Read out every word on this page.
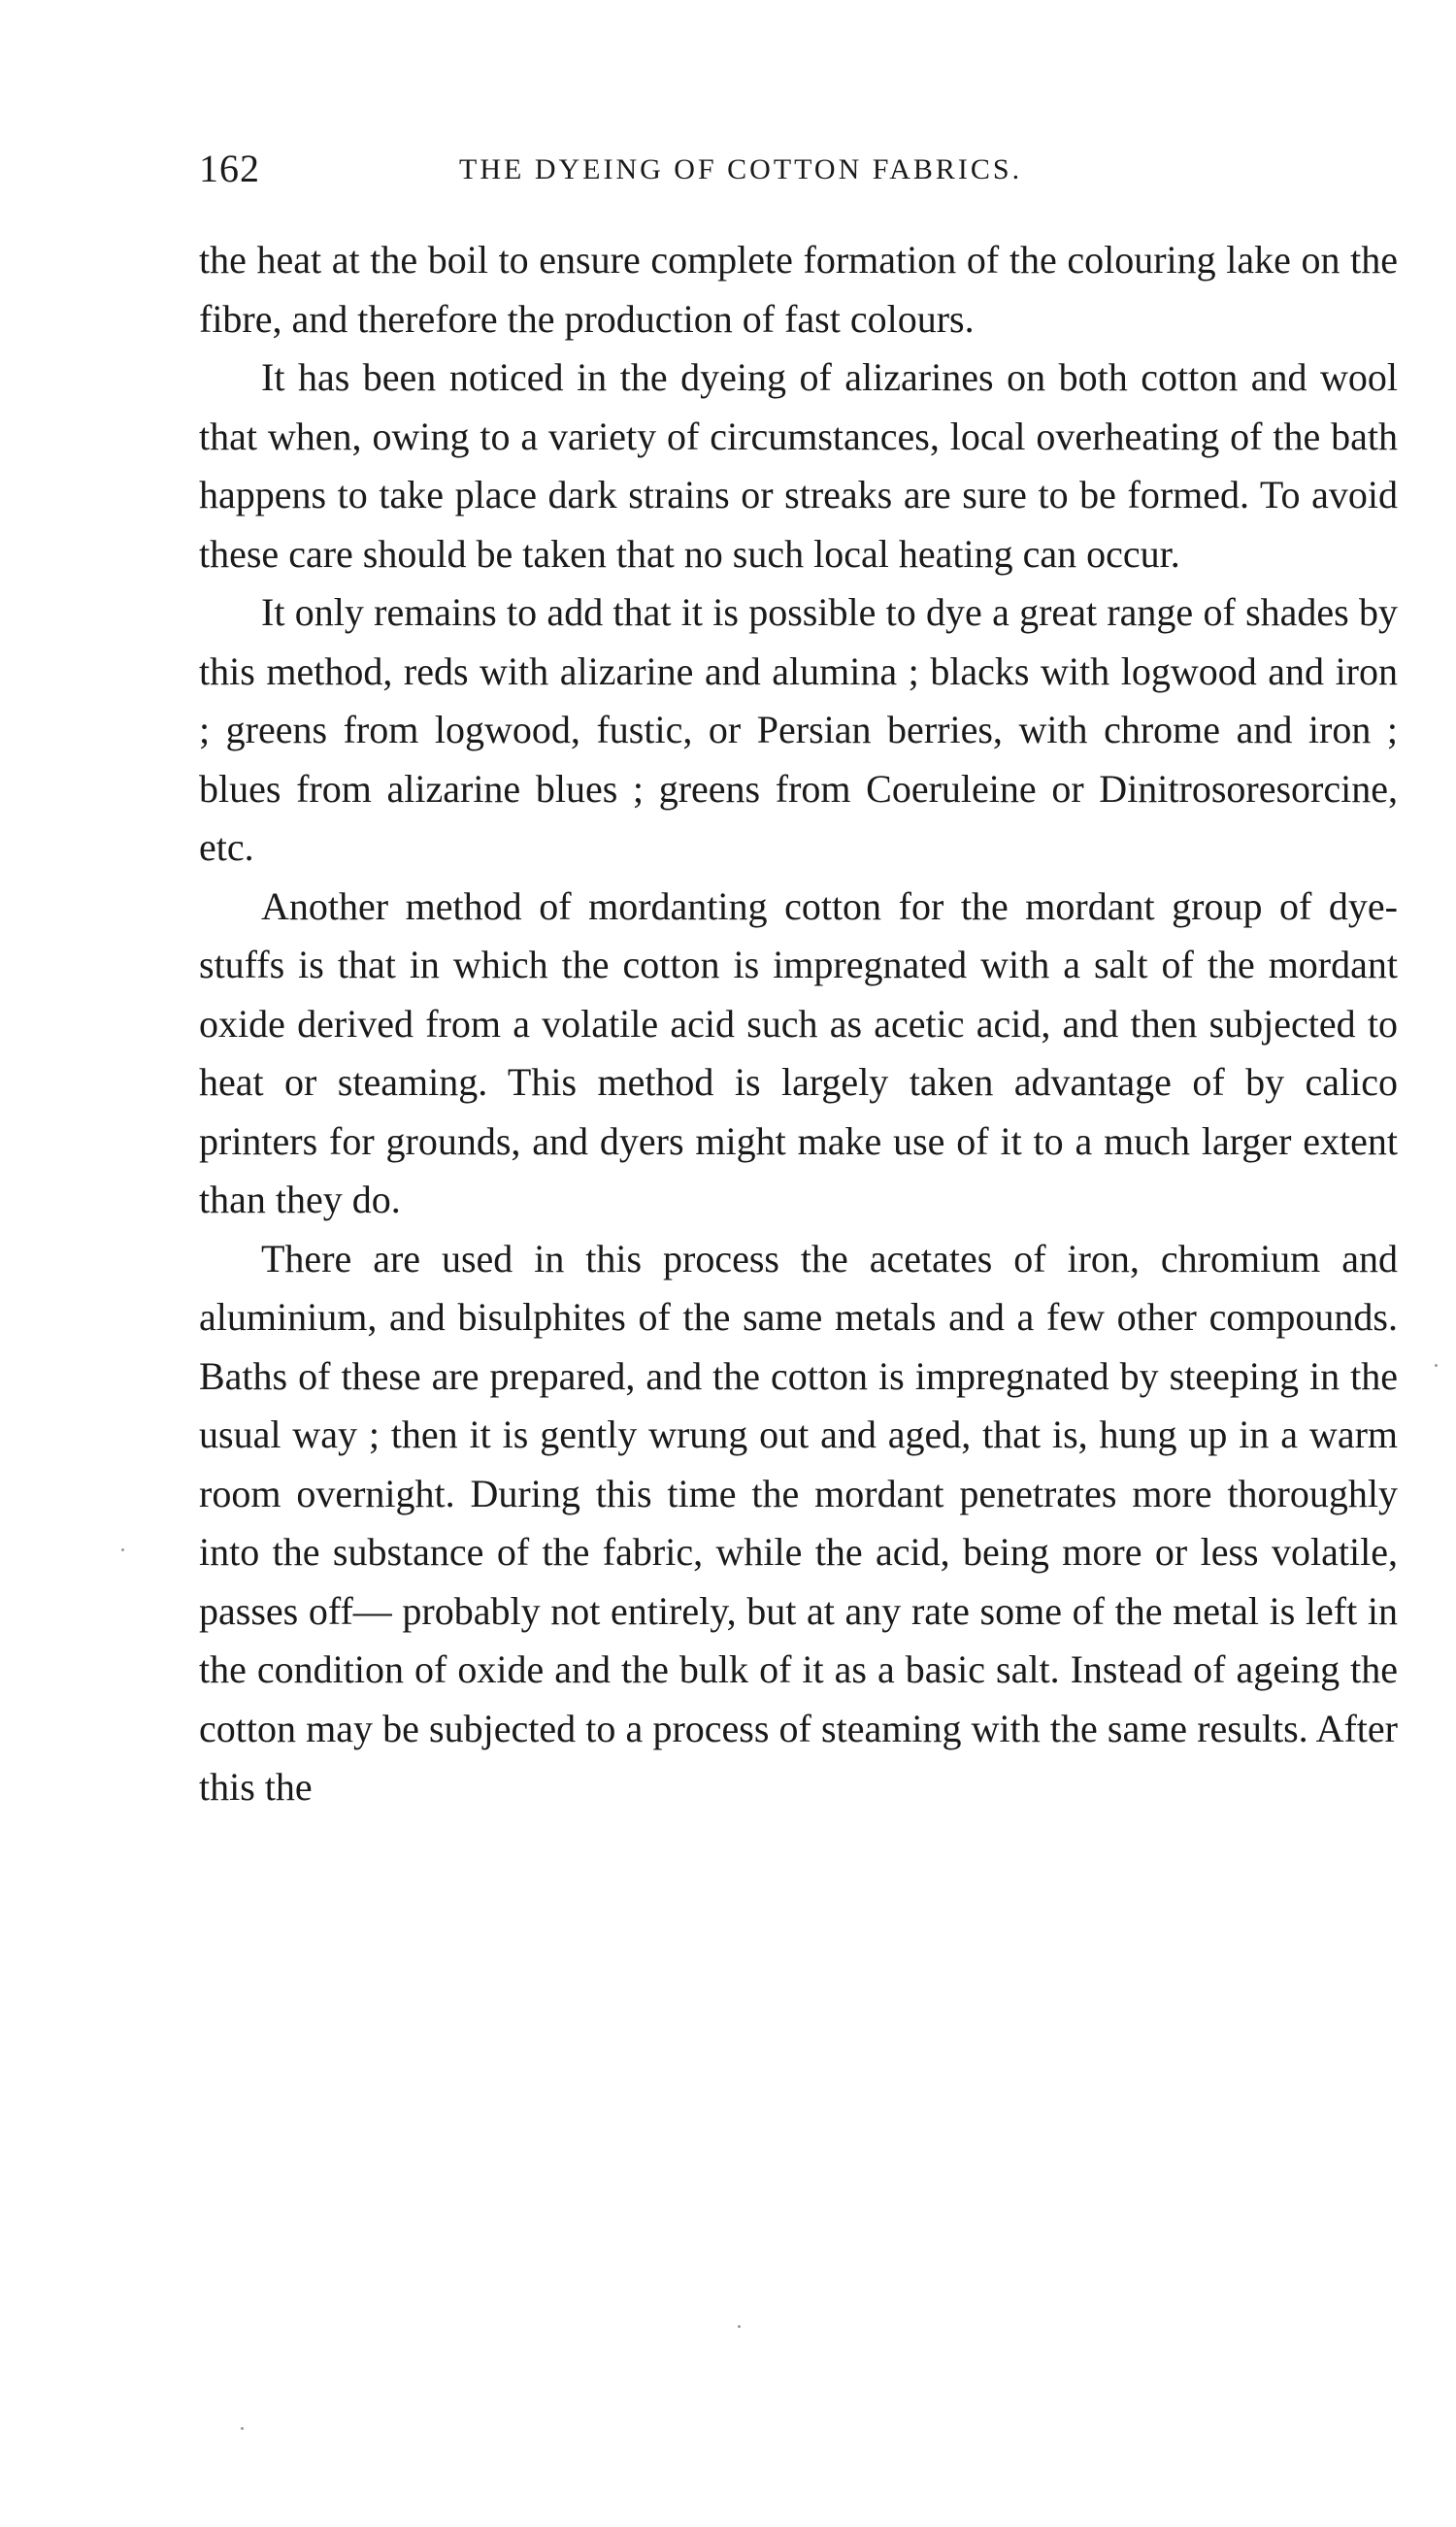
162	THE DYEING OF COTTON FABRICS.

the heat at the boil to ensure complete formation of the colouring lake on the fibre, and therefore the production of fast colours.

It has been noticed in the dyeing of alizarines on both cotton and wool that when, owing to a variety of circumstances, local overheating of the bath happens to take place dark strains or streaks are sure to be formed. To avoid these care should be taken that no such local heating can occur.

It only remains to add that it is possible to dye a great range of shades by this method, reds with alizarine and alumina ; blacks with logwood and iron ; greens from logwood, fustic, or Persian berries, with chrome and iron ; blues from alizarine blues ; greens from Coeruleine or Dinitrosoresorcine, etc.

Another method of mordanting cotton for the mordant group of dye-stuffs is that in which the cotton is impregnated with a salt of the mordant oxide derived from a volatile acid such as acetic acid, and then subjected to heat or steaming. This method is largely taken advantage of by calico printers for grounds, and dyers might make use of it to a much larger extent than they do.

There are used in this process the acetates of iron, chromium and aluminium, and bisulphites of the same metals and a few other compounds. Baths of these are prepared, and the cotton is impregnated by steeping in the usual way ; then it is gently wrung out and aged, that is, hung up in a warm room overnight. During this time the mordant penetrates more thoroughly into the substance of the fabric, while the acid, being more or less volatile, passes off— probably not entirely, but at any rate some of the metal is left in the condition of oxide and the bulk of it as a basic salt. Instead of ageing the cotton may be subjected to a process of steaming with the same results. After this the
